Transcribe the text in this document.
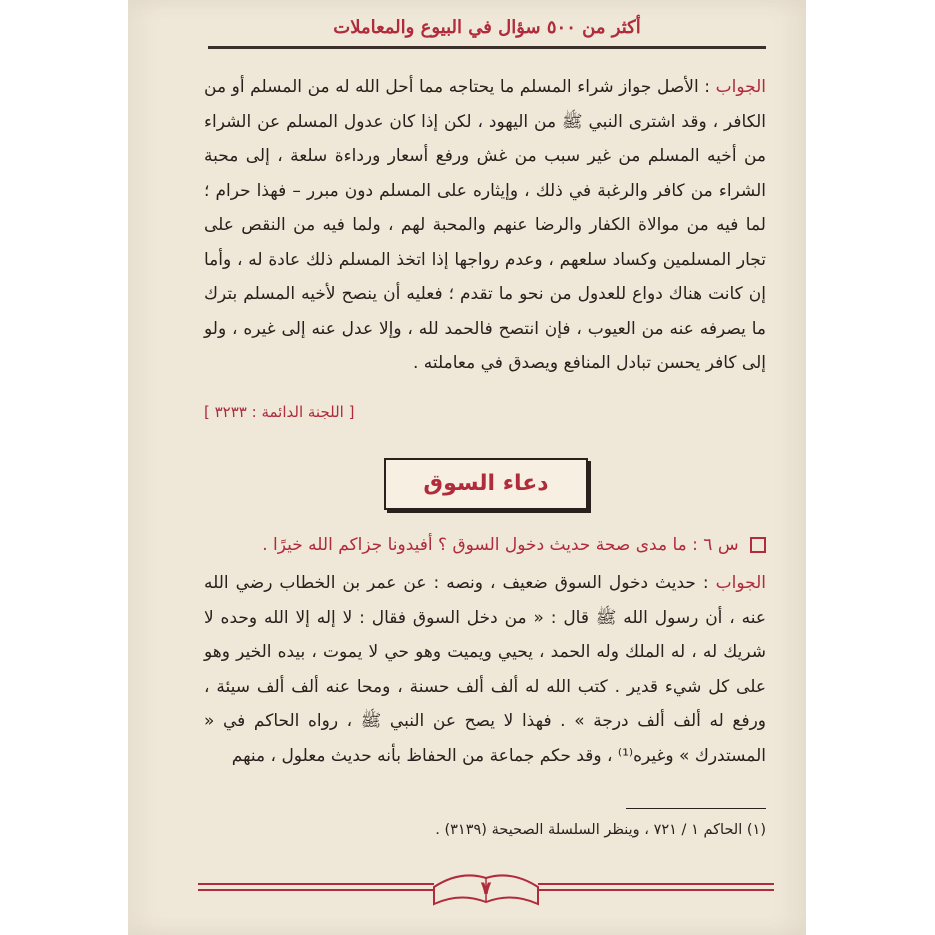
أكثر من ٥٠٠ سؤال في البيوع والمعاملات
الجواب : الأصل جواز شراء المسلم ما يحتاجه مما أحل الله له من المسلم أو من الكافر ، وقد اشترى النبي ﷺ من اليهود ، لكن إذا كان عدول المسلم عن الشراء من أخيه المسلم من غير سبب من غش ورفع أسعار ورداءة سلعة ، إلى محبة الشراء من كافر والرغبة في ذلك ، وإيثاره على المسلم دون مبرر – فهذا حرام ؛ لما فيه من موالاة الكفار والرضا عنهم والمحبة لهم ، ولما فيه من النقص على تجار المسلمين وكساد سلعهم ، وعدم رواجها إذا اتخذ المسلم ذلك عادة له ، وأما إن كانت هناك دواع للعدول من نحو ما تقدم ؛ فعليه أن ينصح لأخيه المسلم بترك ما يصرفه عنه من العيوب ، فإن انتصح فالحمد لله ، وإلا عدل عنه إلى غيره ، ولو إلى كافر يحسن تبادل المنافع ويصدق في معاملته .
[ اللجنة الدائمة : ٣٢٣٣ ]
دعاء السوق
س ٦ : ما مدى صحة حديث دخول السوق ؟ أفيدونا جزاكم الله خيرًا .
الجواب : حديث دخول السوق ضعيف ، ونصه : عن عمر بن الخطاب رضي الله عنه ، أن رسول الله ﷺ قال : « من دخل السوق فقال : لا إله إلا الله وحده لا شريك له ، له الملك وله الحمد ، يحيي ويميت وهو حي لا يموت ، بيده الخير وهو على كل شيء قدير . كتب الله له ألف ألف حسنة ، ومحا عنه ألف ألف سيئة ، ورفع له ألف ألف درجة » . فهذا لا يصح عن النبي ﷺ ، رواه الحاكم في « المستدرك » وغيره⁽¹⁾ ، وقد حكم جماعة من الحفاظ بأنه حديث معلول ، منهم
(١) الحاكم ١ / ٧٢١ ، وينظر السلسلة الصحيحة (٣١٣٩) .
٧
